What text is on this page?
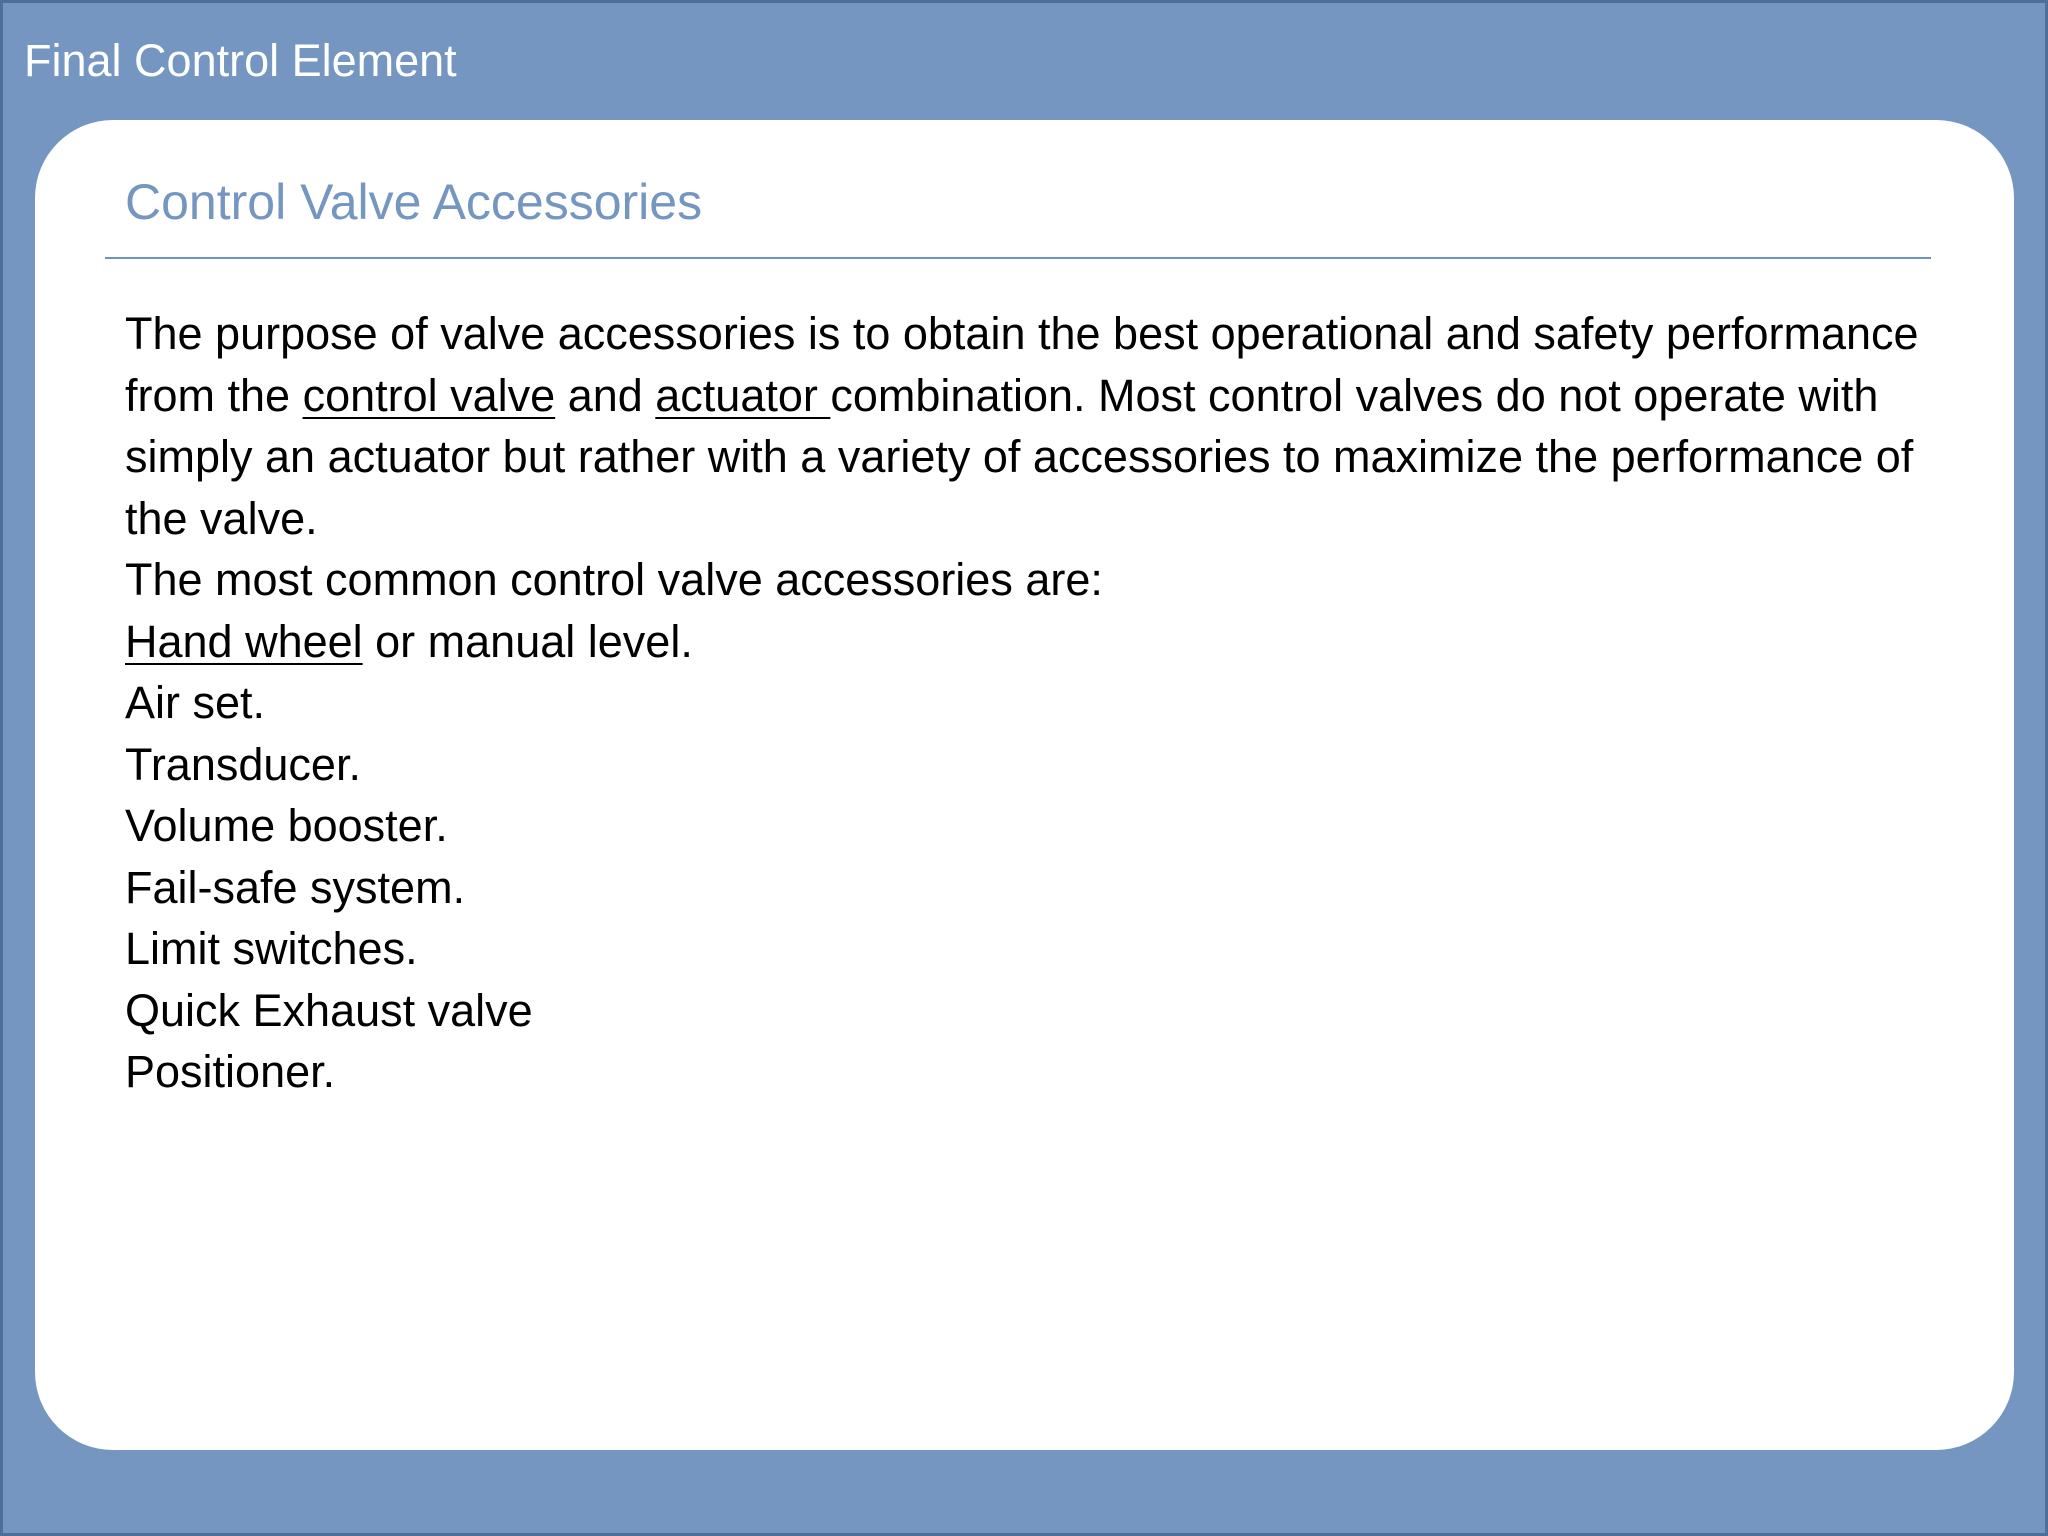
Final Control Element
Control Valve Accessories

The purpose of valve accessories is to obtain the best operational and safety performance from the control valve and actuator combination. Most control valves do not operate with simply an actuator but rather with a variety of accessories to maximize the performance of the valve.

The most common control valve accessories are:

Hand wheel or manual level.
Air set.
Transducer.
Volume booster.
Fail-safe system.
Limit switches.
Quick Exhaust valve
Positioner.
